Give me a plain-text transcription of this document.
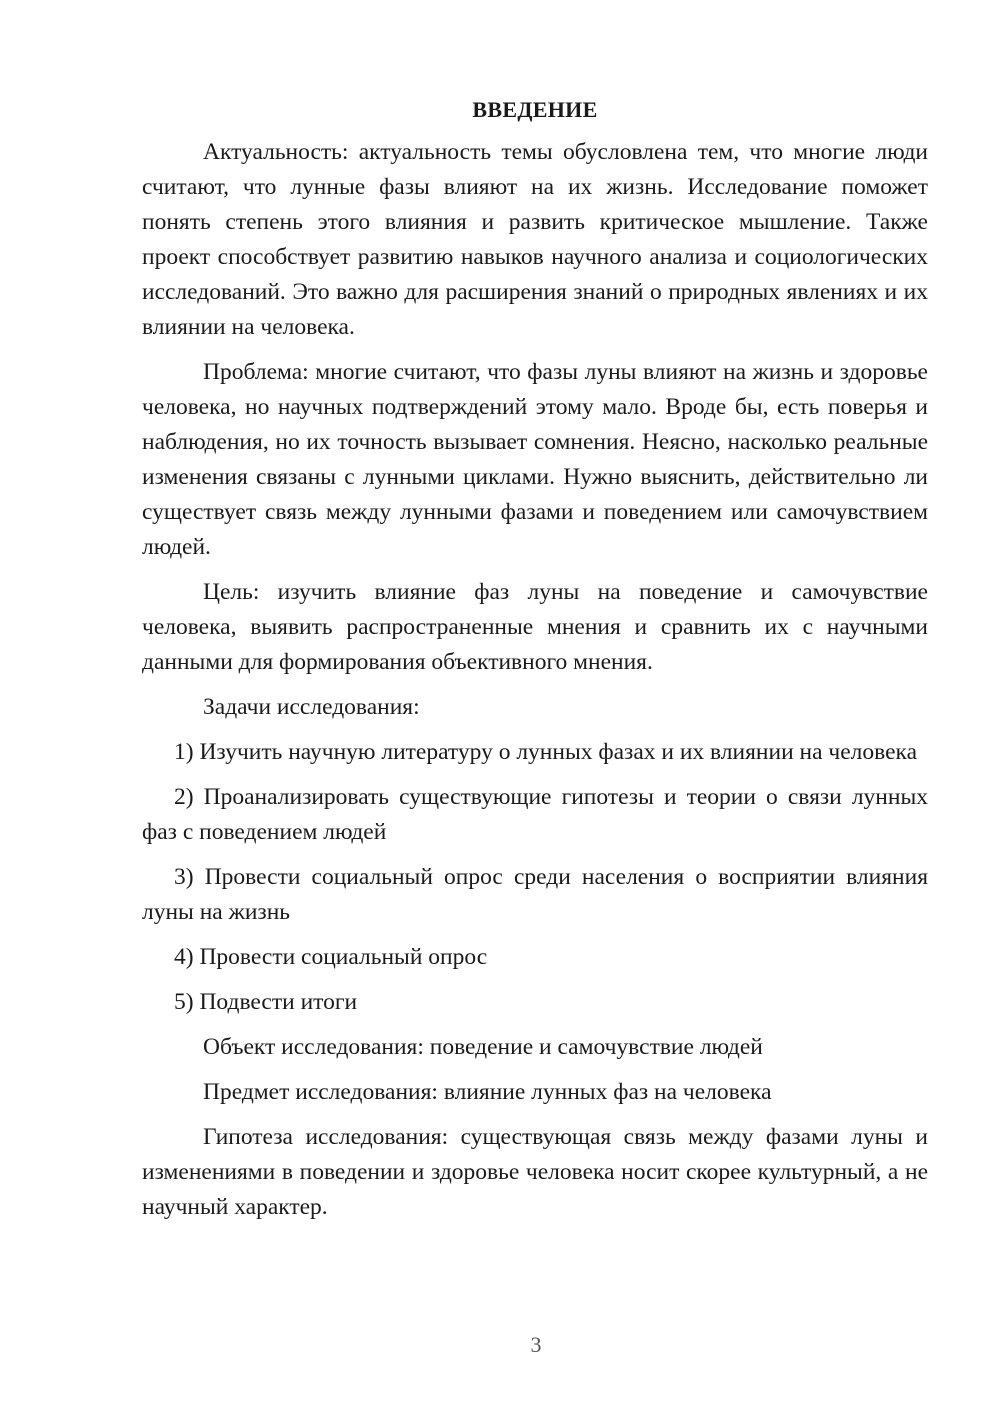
ВВЕДЕНИЕ

Актуальность: актуальность темы обусловлена тем, что многие люди считают, что лунные фазы влияют на их жизнь. Исследование поможет понять степень этого влияния и развить критическое мышление. Также проект способствует развитию навыков научного анализа и социологических исследований. Это важно для расширения знаний о природных явлениях и их влиянии на человека.

Проблема: многие считают, что фазы луны влияют на жизнь и здоровье человека, но научных подтверждений этому мало. Вроде бы, есть поверья и наблюдения, но их точность вызывает сомнения. Неясно, насколько реальные изменения связаны с лунными циклами. Нужно выяснить, действительно ли существует связь между лунными фазами и поведением или самочувствием людей.

Цель: изучить влияние фаз луны на поведение и самочувствие человека, выявить распространенные мнения и сравнить их с научными данными для формирования объективного мнения.

Задачи исследования:

1) Изучить научную литературу о лунных фазах и их влиянии на человека

2) Проанализировать существующие гипотезы и теории о связи лунных фаз с поведением людей

3) Провести социальный опрос среди населения о восприятии влияния луны на жизнь

4) Провести социальный опрос

5) Подвести итоги

Объект исследования: поведение и самочувствие людей

Предмет исследования: влияние лунных фаз на человека

Гипотеза исследования: существующая связь между фазами луны и изменениями в поведении и здоровье человека носит скорее культурный, а не научный характер.

3
